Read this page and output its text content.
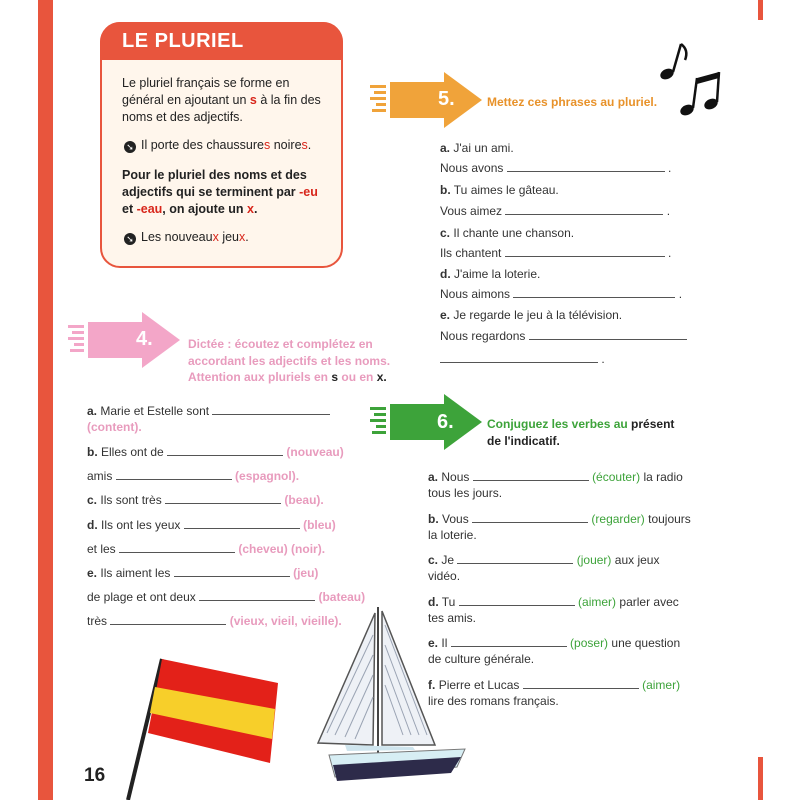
LE PLURIEL
Le pluriel français se forme en général en ajoutant un s à la fin des noms et des adjectifs.
➘ Il porte des chaussures noires.
Pour le pluriel des noms et des adjectifs qui se terminent par -eu et -eau, on ajoute un x.
➘ Les nouveaux jeux.
5.	Mettez ces phrases au pluriel.
a. J'ai un ami.
Nous avons	.
b. Tu aimes le gâteau.
Vous aimez	.
c. Il chante une chanson.
Ils chantent	.
d. J'aime la loterie.
Nous aimons	.
e. Je regarde le jeu à la télévision.
Nous regardons
.
4.	Dictée : écoutez et complétez en
accordant les adjectifs et les noms.
Attention aux pluriels en s ou en x.
a. Marie et Estelle sont
(content).
b. Elles ont de	(nouveau)
amis	(espagnol).
c. Ils sont très	(beau).
d. Ils ont les yeux	(bleu)
et les	(cheveu) (noir).
e. Ils aiment les	(jeu)
de plage et ont deux	(bateau)
très	(vieux, vieil, vieille).
6.	Conjuguez les verbes au présent
de l'indicatif.
a. Nous	(écouter) la radio
tous les jours.
b. Vous	(regarder) toujours
la loterie.
c. Je	(jouer) aux jeux
vidéo.
d. Tu	(aimer) parler avec
tes amis.
e. Il	(poser) une question
de culture générale.
f. Pierre et Lucas	(aimer)
lire des romans français.
16
